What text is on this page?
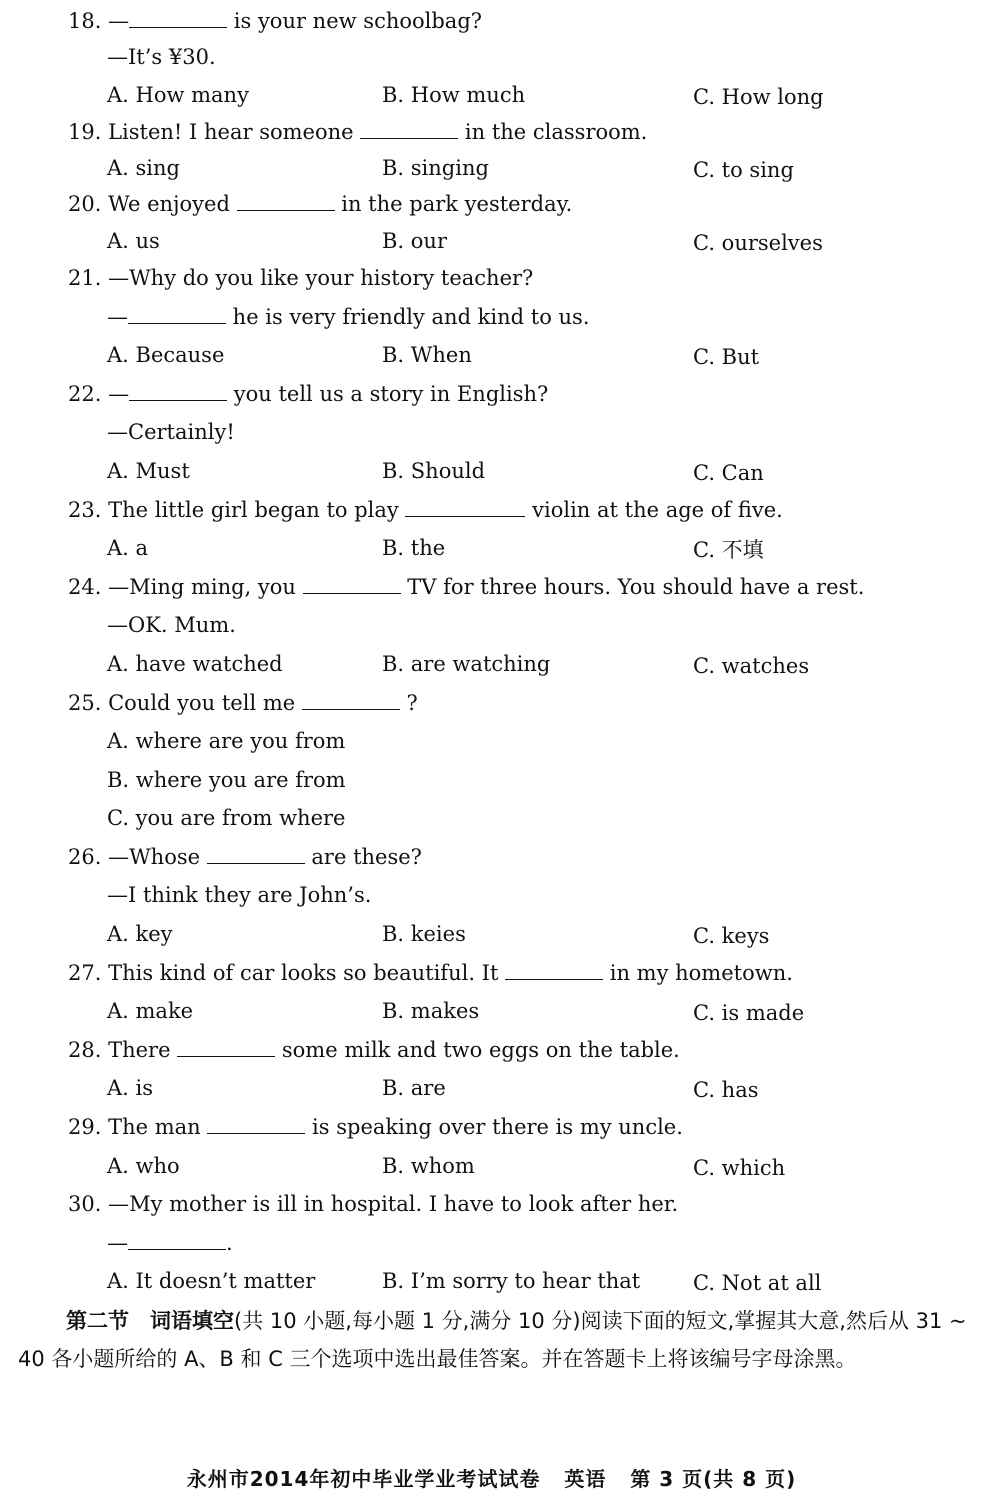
18. —	is your new schoolbag?
—It’s ¥30.
A. How many	B. How much	C. How long
19. Listen! I hear someone	in the classroom.
A. sing	B. singing	C. to sing
20. We enjoyed	in the park yesterday.
A. us	B. our	C. ourselves
21. —Why do you like your history teacher?
—	he is very friendly and kind to us.
A. Because	B. When	C. But
22. —	you tell us a story in English?
—Certainly!
A. Must	B. Should	C. Can
23. The little girl began to play	violin at the age of five.
A. a	B. the	C. 不填
24. —Ming ming, you	TV for three hours. You should have a rest.
—OK. Mum.
A. have watched	B. are watching	C. watches
25. Could you tell me	?
A. where are you from
B. where you are from
C. you are from where
26. —Whose	are these?
—I think they are John’s.
A. key	B. keies	C. keys
27. This kind of car looks so beautiful. It	in my hometown.
A. make	B. makes	C. is made
28. There	some milk and two eggs on the table.
A. is	B. are	C. has
29. The man	is speaking over there is my uncle.
A. who	B. whom	C. which
30. —My mother is ill in hospital. I have to look after her.
—	.
A. It doesn’t matter	B. I’m sorry to hear that	C. Not at all
第二节　词语填空(共 10 小题,每小题 1 分,满分 10 分)阅读下面的短文,掌握其大意,然后从 31 ~ 40 各小题所给的 A、B 和 C 三个选项中选出最佳答案。并在答题卡上将该编号字母涂黑。
永州市2014年初中毕业学业考试试卷 英语 第 3 页(共 8 页)
